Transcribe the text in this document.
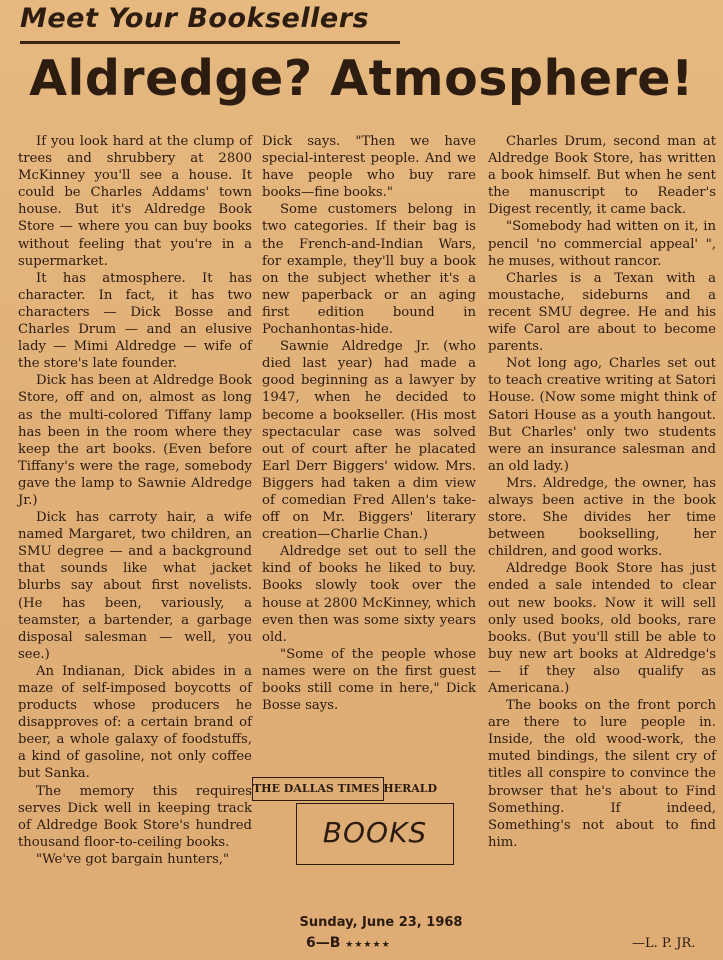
Meet Your Booksellers
Aldredge? Atmosphere!

If you look hard at the clump of trees and shrubbery at 2800 McKinney you'll see a house. It could be Charles Addams' town house. But it's Aldredge Book Store — where you can buy books without feeling that you're in a supermarket.

It has atmosphere. It has character. In fact, it has two characters — Dick Bosse and Charles Drum — and an elusive lady — Mimi Aldredge — wife of the store's late founder.

Dick has been at Aldredge Book Store, off and on, almost as long as the multi-colored Tiffany lamp has been in the room where they keep the art books. (Even before Tiffany's were the rage, somebody gave the lamp to Sawnie Aldredge Jr.)

Dick has carroty hair, a wife named Margaret, two children, an SMU degree — and a background that sounds like what jacket blurbs say about first novelists. (He has been, variously, a teamster, a bartender, a garbage disposal salesman — well, you see.)

An Indianan, Dick abides in a maze of self-imposed boycotts of products whose producers he disapproves of: a certain brand of beer, a whole galaxy of foodstuffs, a kind of gasoline, not only coffee but Sanka.

The memory this requires serves Dick well in keeping track of Aldredge Book Store's hundred thousand floor-to-ceiling books.

"We've got bargain hunters,"

Dick says. "Then we have special-interest people. And we have people who buy rare books—fine books."

Some customers belong in two categories. If their bag is the French-and-Indian Wars, for example, they'll buy a book on the subject whether it's a new paperback or an aging first edition bound in Pochanhontas-hide.

Sawnie Aldredge Jr. (who died last year) had made a good beginning as a lawyer by 1947, when he decided to become a bookseller. (His most spectacular case was solved out of court after he placated Earl Derr Biggers' widow. Mrs. Biggers had taken a dim view of comedian Fred Allen's take-off on Mr. Biggers' literary creation—Charlie Chan.)

Aldredge set out to sell the kind of books he liked to buy. Books slowly took over the house at 2800 McKinney, which even then was some sixty years old.

"Some of the people whose names were on the first guest books still come in here," Dick Bosse says.

Charles Drum, second man at Aldredge Book Store, has written a book himself. But when he sent the manuscript to Reader's Digest recently, it came back.

"Somebody had witten on it, in pencil 'no commercial appeal' ", he muses, without rancor.

Charles is a Texan with a moustache, sideburns and a recent SMU degree. He and his wife Carol are about to become parents.

Not long ago, Charles set out to teach creative writing at Satori House. (Now some might think of Satori House as a youth hangout. But Charles' only two students were an insurance salesman and an old lady.)

Mrs. Aldredge, the owner, has always been active in the book store. She divides her time between bookselling, her children, and good works.

Aldredge Book Store has just ended a sale intended to clear out new books. Now it will sell only used books, old books, rare books. (But you'll still be able to buy new art books at Aldredge's — if they also qualify as Americana.)

The books on the front porch are there to lure people in. Inside, the old wood-work, the muted bindings, the silent cry of titles all conspire to convince the browser that he's about to Find Something. If indeed, Something's not about to find him.

THE DALLAS TIMES HERALD
BOOKS
Sunday, June 23, 1968
6—B ★★★★★	—L. P. JR.
